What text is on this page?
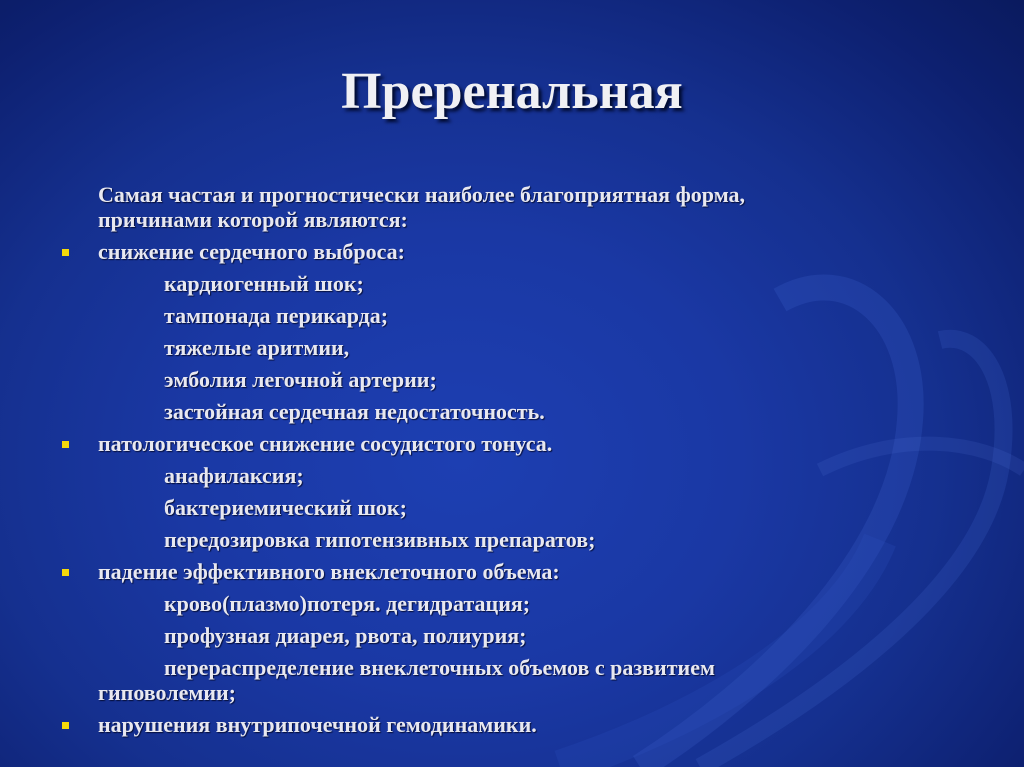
Преренальная
Самая частая и прогностически наиболее благоприятная форма,
причинами которой являются:
снижение сердечного выброса:
кардиогенный шок;
тампонада перикарда;
тяжелые аритмии,
эмболия легочной артерии;
застойная сердечная недостаточность.
патологическое снижение сосудистого тонуса.
анафилаксия;
бактериемический шок;
передозировка гипотензивных препаратов;
падение эффективного внеклеточного объема:
крово(плазмо)потеря. дегидратация;
профузная диарея, рвота, полиурия;
перераспределение внеклеточных объемов с развитием
гиповолемии;
нарушения внутрипочечной гемодинамики.
